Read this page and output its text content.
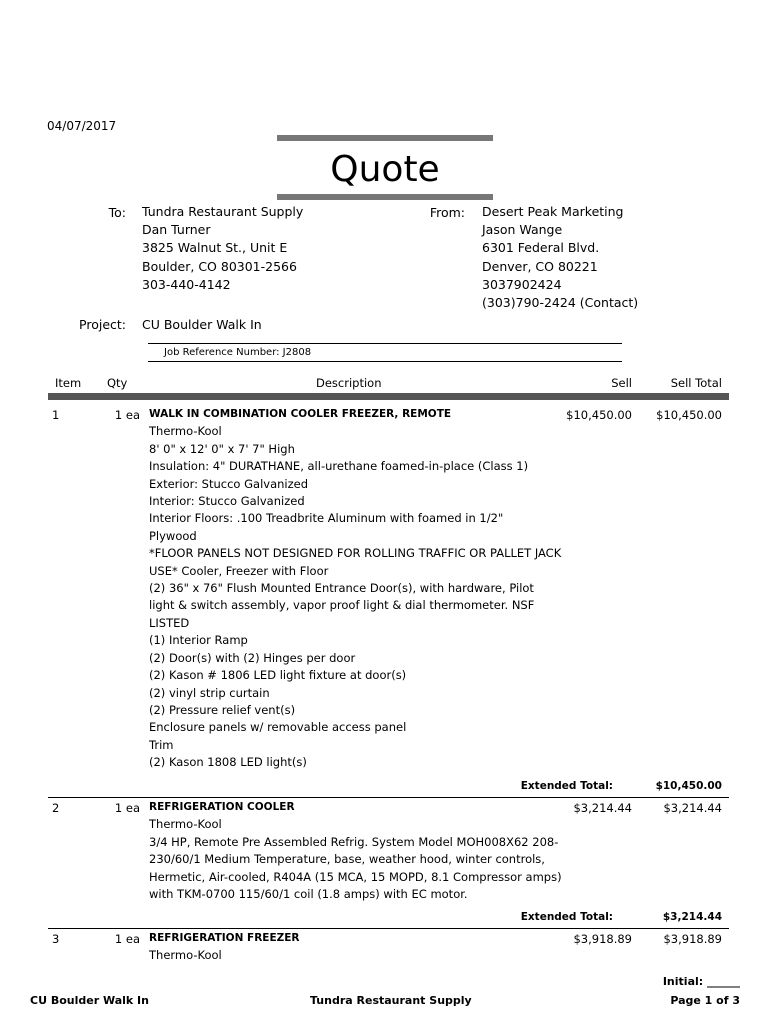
04/07/2017
Quote
To: Tundra Restaurant Supply
Dan Turner
3825 Walnut St., Unit E
Boulder, CO 80301-2566
303-440-4142
From: Desert Peak Marketing
Jason Wange
6301 Federal Blvd.
Denver, CO 80221
3037902424
(303)790-2424 (Contact)
Project: CU Boulder Walk In
Job Reference Number: J2808
Item Qty	Description	Sell	Sell Total
1	1 ea	$10,450.00	$10,450.00
WALK IN COMBINATION COOLER FREEZER, REMOTE
Thermo-Kool
8' 0" x 12' 0" x 7' 7" High
Insulation: 4" DURATHANE, all-urethane foamed-in-place (Class 1)
Exterior: Stucco Galvanized
Interior: Stucco Galvanized
Interior Floors: .100 Treadbrite Aluminum with foamed in 1/2"
Plywood
*FLOOR PANELS NOT DESIGNED FOR ROLLING TRAFFIC OR PALLET JACK
USE* Cooler, Freezer with Floor
(2) 36" x 76" Flush Mounted Entrance Door(s), with hardware, Pilot
light & switch assembly, vapor proof light & dial thermometer. NSF
LISTED
(1) Interior Ramp
(2) Door(s) with (2) Hinges per door
(2) Kason # 1806 LED light fixture at door(s)
(2) vinyl strip curtain
(2) Pressure relief vent(s)
Enclosure panels w/ removable access panel
Trim
(2) Kason 1808 LED light(s)
Extended Total:	$10,450.00
2	1 ea	$3,214.44	$3,214.44
REFRIGERATION COOLER
Thermo-Kool
3/4 HP, Remote Pre Assembled Refrig. System Model MOH008X62 208-
230/60/1 Medium Temperature, base, weather hood, winter controls,
Hermetic, Air-cooled, R404A (15 MCA, 15 MOPD, 8.1 Compressor amps)
with TKM-0700 115/60/1 coil (1.8 amps) with EC motor.
Extended Total:	$3,214.44
3	1 ea	$3,918.89	$3,918.89
REFRIGERATION FREEZER
Thermo-Kool
Initial: ______
CU Boulder Walk In	Tundra Restaurant Supply	Page 1 of 3
